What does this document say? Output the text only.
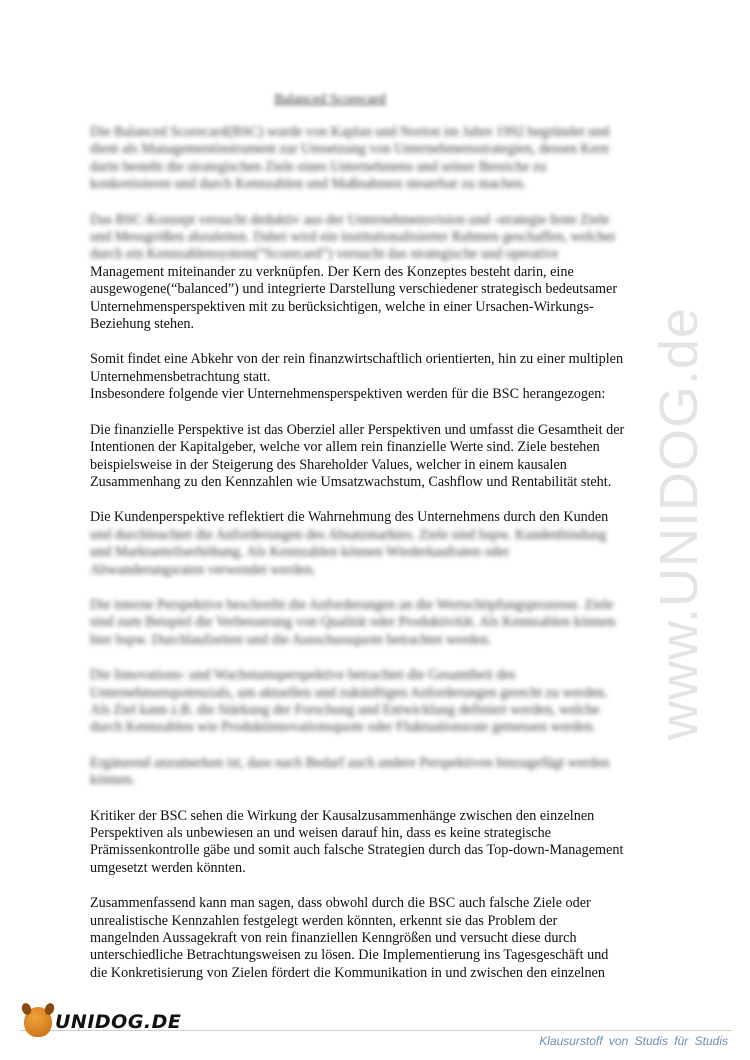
www.UNIDOG.de
Balanced Scorecard
Die Balanced Scorecard(BSC) wurde von Kaplan und Norton im Jahre 1992 begründet und
dient als Managementinstrument zur Umsetzung von Unternehmensstrategien, dessen Kern
darin besteht die strategischen Ziele eines Unternehmens und seiner Bereiche zu
konkretisieren und durch Kennzahlen und Maßnahmen steuerbar zu machen.
Das BSC-Konzept versucht deduktiv aus der Unternehmensvision und -strategie feste Ziele
und Messgrößen abzuleiten. Dabei wird ein institutionalisierter Rahmen geschaffen, welcher
durch ein Kennzahlensystem(“Scorecard”) versucht das strategische und operative
Management miteinander zu verknüpfen. Der Kern des Konzeptes besteht darin, eine
ausgewogene(“balanced”) und integrierte Darstellung verschiedener strategisch bedeutsamer
Unternehmensperspektiven mit zu berücksichtigen, welche in einer Ursachen-Wirkungs-
Beziehung stehen.
Somit findet eine Abkehr von der rein finanzwirtschaftlich orientierten, hin zu einer multiplen
Unternehmensbetrachtung statt.
Insbesondere folgende vier Unternehmensperspektiven werden für die BSC herangezogen:
Die finanzielle Perspektive ist das Oberziel aller Perspektiven und umfasst die Gesamtheit der
Intentionen der Kapitalgeber, welche vor allem rein finanzielle Werte sind. Ziele bestehen
beispielsweise in der Steigerung des Shareholder Values, welcher in einem kausalen
Zusammenhang zu den Kennzahlen wie Umsatzwachstum, Cashflow und Rentabilität steht.
Die Kundenperspektive reflektiert die Wahrnehmung des Unternehmens durch den Kunden
und durchleuchtet die Anforderungen des Absatzmarktes. Ziele sind bspw. Kundenbindung
und Marktanteilserhöhung. Als Kennzahlen können Wiederkaufraten oder
Abwanderungsraten verwendet werden.
Die interne Perspektive beschreibt die Anforderungen an die Wertschöpfungsprozesse. Ziele
sind zum Beispiel die Verbesserung von Qualität oder Produktivität. Als Kennzahlen können
hier bspw. Durchlaufzeiten und die Ausschussquote betrachtet werden.
Die Innovations- und Wachstumsperspektive betrachtet die Gesamtheit des
Unternehmenspotenzials, um aktuellen und zukünftigen Anforderungen gerecht zu werden.
Als Ziel kann z.B. die Stärkung der Forschung und Entwicklung definiert werden, welche
durch Kennzahlen wie Produktinnovationsquote oder Fluktuationsrate gemessen werden.
Ergänzend anzumerken ist, dass nach Bedarf auch andere Perspektiven hinzugefügt werden
können.
Kritiker der BSC sehen die Wirkung der Kausalzusammenhänge zwischen den einzelnen
Perspektiven als unbewiesen an und weisen darauf hin, dass es keine strategische
Prämissenkontrolle gäbe und somit auch falsche Strategien durch das Top-down-Management
umgesetzt werden könnten.
Zusammenfassend kann man sagen, dass obwohl durch die BSC auch falsche Ziele oder
unrealistische Kennzahlen festgelegt werden könnten, erkennt sie das Problem der
mangelnden Aussagekraft von rein finanziellen Kenngrößen und versucht diese durch
unterschiedliche Betrachtungsweisen zu lösen. Die Implementierung ins Tagesgeschäft und
die Konkretisierung von Zielen fördert die Kommunikation in und zwischen den einzelnen
UNIDOG.DE
Klausurstoff von Studis für Studis
